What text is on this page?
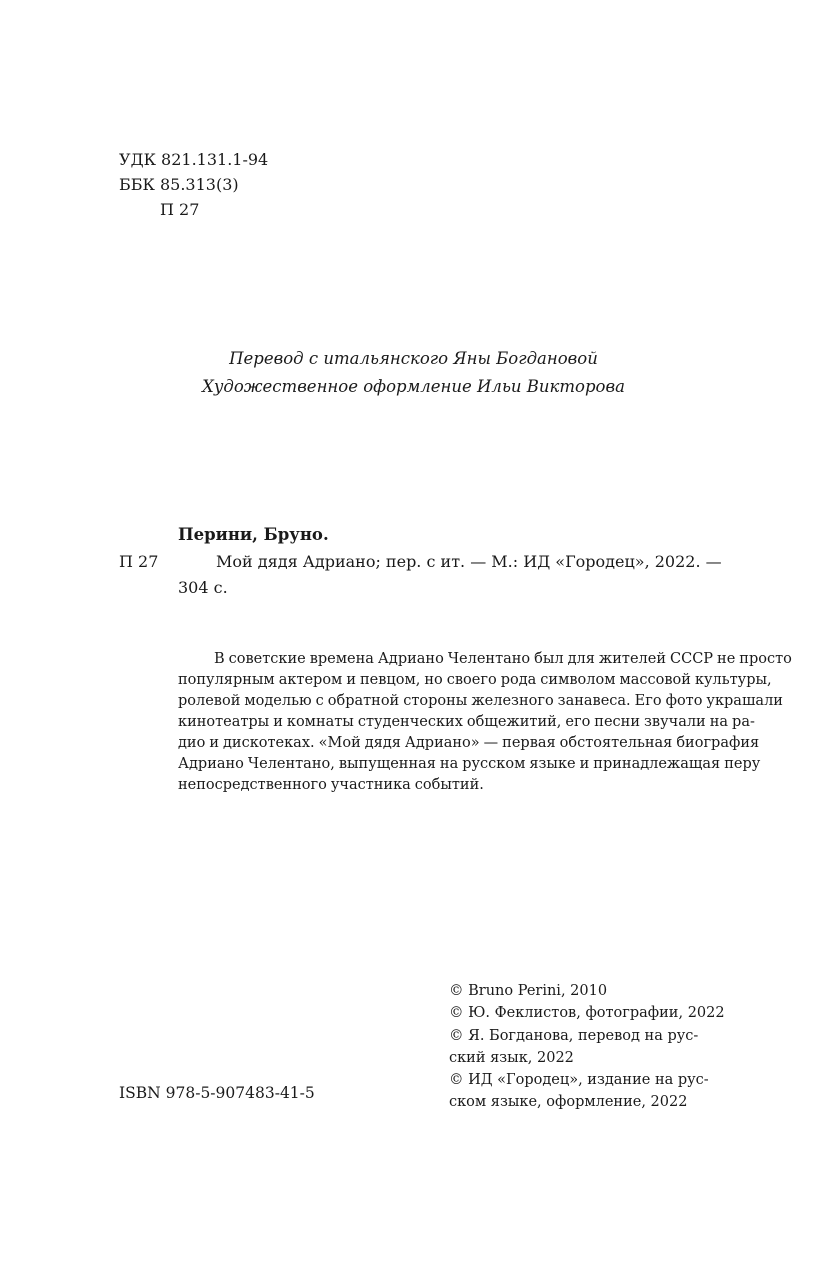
УДК 821.131.1-94
ББК 85.313(3)
П 27
Перевод с итальянского Яны Богдановой
Художественное оформление Ильи Викторова
Перини, Бруно.
П 27	Мой дядя Адриано; пер. с ит. — М.: ИД «Городец», 2022. —
304 с.
В советские времена Адриано Челентано был для жителей СССР не просто
популярным актером и певцом, но своего рода символом массовой культуры,
ролевой моделью с обратной стороны железного занавеса. Его фото украшали
кинотеатры и комнаты студенческих общежитий, его песни звучали на ра-
дио и дискотеках. «Мой дядя Адриано» — первая обстоятельная биография
Адриано Челентано, выпущенная на русском языке и принадлежащая перу
непосредственного участника событий.
© Bruno Perini, 2010
© Ю. Феклистов, фотографии, 2022
© Я. Богданова, перевод на рус-
ский язык, 2022
© ИД «Городец», издание на рус-
ском языке, оформление, 2022
ISBN 978-5-907483-41-5
